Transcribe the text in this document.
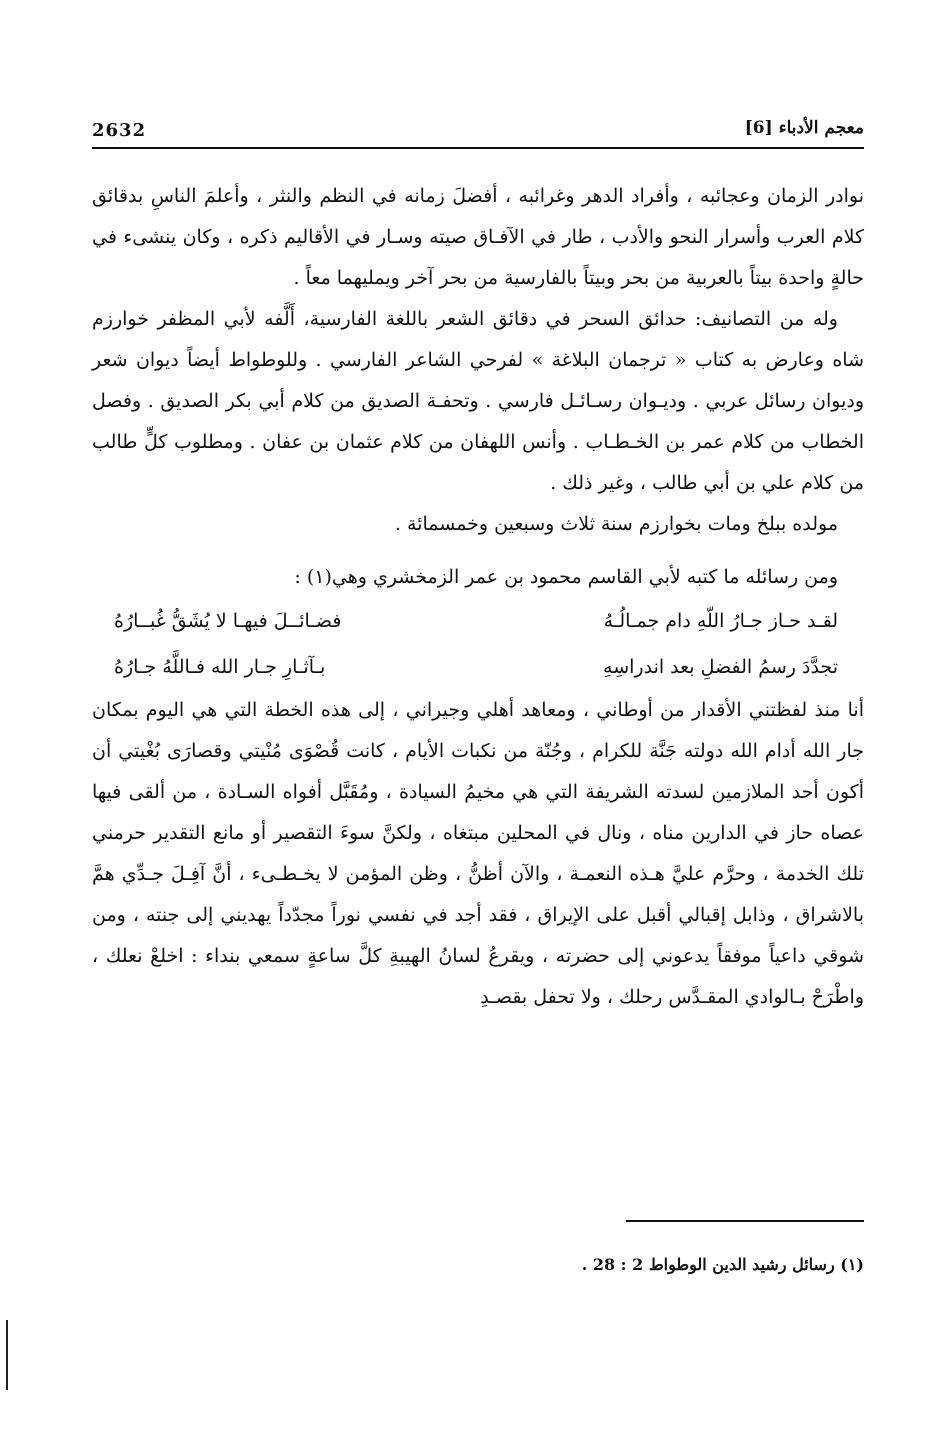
معجم الأدباء [6]
2632

نوادر الزمان وعجائبه ، وأفراد الدهر وغرائبه ، أفضلَ زمانه في النظم والنثر ، وأعلمَ الناسِ بدقائق كلام العرب وأسرار النحو والأدب ، طار في الآفـاق صيته وسـار في الأقاليم ذكره ، وكان ينشىء في حالةٍ واحدة بيتاً بالعربية من بحر وبيتاً بالفارسية من بحر آخر ويمليهما معاً .

وله من التصانيف: حدائق السحر في دقائق الشعر باللغة الفارسية، أَلَّفه لأبي المظفر خوارزم شاه وعارض به كتاب « ترجمان البلاغة » لفرحي الشاعر الفارسي . وللوطواط أيضاً ديوان شعر وديوان رسائل عربي . وديـوان رسـائـل فارسي . وتحفـة الصديق من كلام أبي بكر الصديق . وفصل الخطاب من كلام عمر بن الخـطـاب . وأنس اللهفان من كلام عثمان بن عفان . ومطلوب كلٍّ طالب من كلام علي بن أبي طالب ، وغير ذلك .

مولده ببلخ ومات بخوارزم سنة ثلاث وسبعين وخمسمائة .

ومن رسائله ما كتبه لأبي القاسم محمود بن عمر الزمخشري وهي(١) :

لقـد حـاز جـارُ اللّهِ دام جمـالُـهُ
فضـائــلَ فيهـا لا يُشَقُّ غُبــارُهُ
تجدَّدَ رسمُ الفضلِ بعد اندراسِهِ
بـآثـارِ جـار الله فـاللَّهُ جـارُهُ

أنا منذ لفظتني الأقدار من أوطاني ، ومعاهد أهلي وجيراني ، إلى هذه الخطة التي هي اليوم بمكان جار الله أدام الله دولته جَنَّة للكرام ، وجُنّة من نكبات الأيام ، كانت قُصْوَى مُنْيتي وقصارَى بُغْيتي أن أكون أحد الملازمين لسدته الشريفة التي هي مخيمُ السيادة ، ومُقَبَّل أفواه السـادة ، من ألقى فيها عصاه حاز في الدارين مناه ، ونال في المحلين مبتغاه ، ولكنَّ سوءَ التقصير أو مانع التقدير حرمني تلك الخدمة ، وحرَّم عليَّ هـذه النعمـة ، والآن أظنُّ ، وظن المؤمن لا يخـطـىء ، أنَّ آفِـلَ جـدِّي همَّ بالاشراق ، وذابل إقبالي أقبل على الإيراق ، فقد أجد في نفسي نوراً مجدّداً يهديني إلى جنته ، ومن شوقي داعياً موفقاً يدعوني إلى حضرته ، ويقرعُ لسانُ الهيبةِ كلَّ ساعةٍ سمعي بنداء : اخلعْ نعلك ، واطْرَحْ بـالوادي المقـدَّس رحلك ، ولا تحفل بقصـدِ

(١) رسائل رشيد الدين الوطواط 2 : 28 .
